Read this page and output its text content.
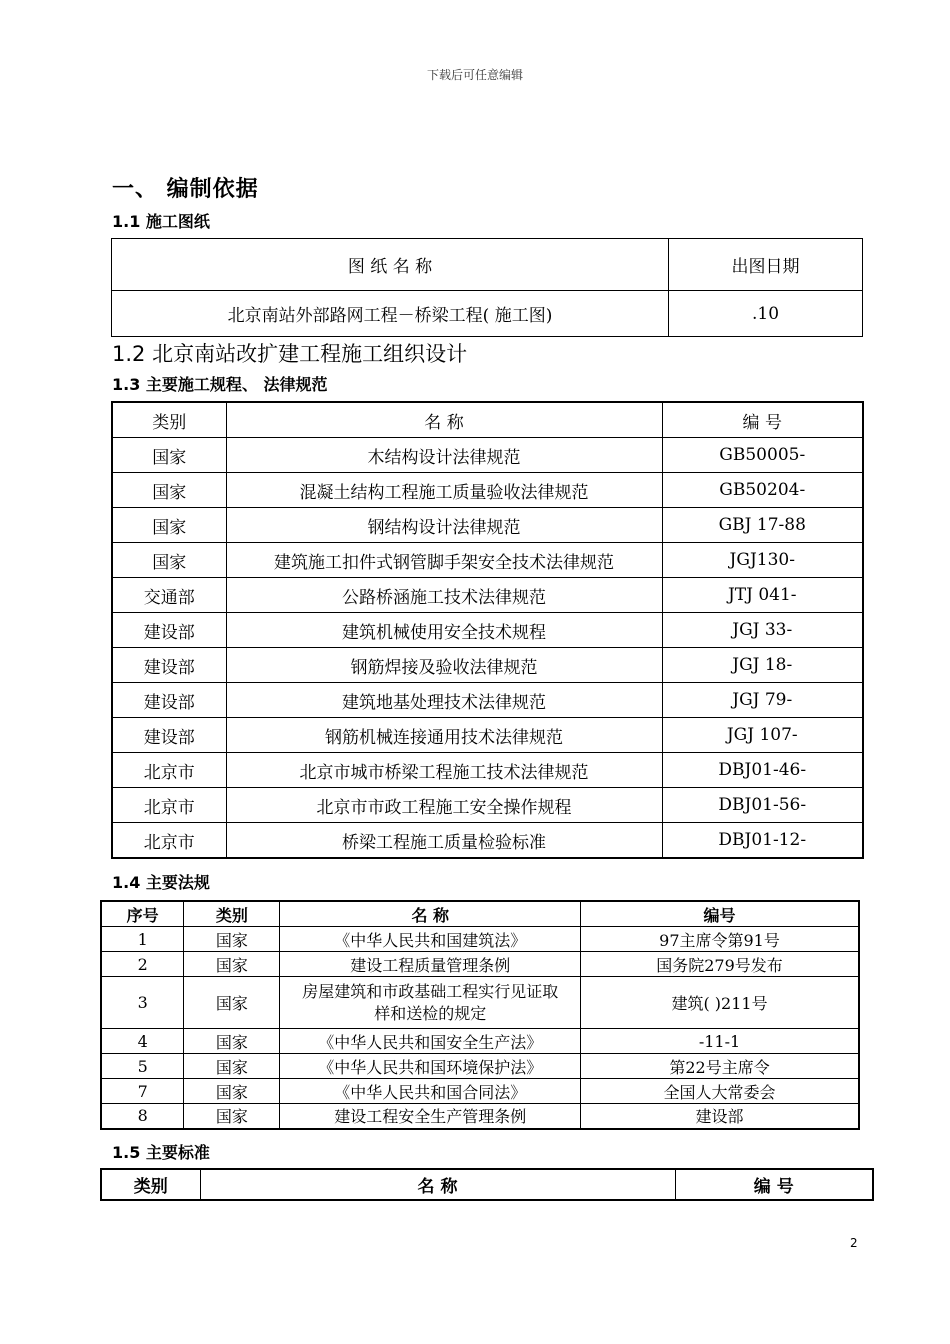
下载后可任意编辑
一、 编制依据
1.1 施工图纸
图 纸 名 称	出图日期
北京南站外部路网工程－桥梁工程( 施工图)	.10
1.2 北京南站改扩建工程施工组织设计
1.3 主要施工规程、 法律规范
类别	名 称	编 号
国家	木结构设计法律规范	GB50005-
国家	混凝土结构工程施工质量验收法律规范	GB50204-
国家	钢结构设计法律规范	GBJ 17-88
国家	建筑施工扣件式钢管脚手架安全技术法律规范	JGJ130-
交通部	公路桥涵施工技术法律规范	JTJ 041-
建设部	建筑机械使用安全技术规程	JGJ 33-
建设部	钢筋焊接及验收法律规范	JGJ 18-
建设部	建筑地基处理技术法律规范	JGJ 79-
建设部	钢筋机械连接通用技术法律规范	JGJ 107-
北京市	北京市城市桥梁工程施工技术法律规范	DBJ01-46-
北京市	北京市市政工程施工安全操作规程	DBJ01-56-
北京市	桥梁工程施工质量检验标准	DBJ01-12-
1.4 主要法规
序号	类别	名 称	编号
1	国家	《中华人民共和国建筑法》	97主席令第91号
2	国家	建设工程质量管理条例	国务院279号发布
3	国家	房屋建筑和市政基础工程实行见证取样和送检的规定	建筑( )211号
4	国家	《中华人民共和国安全生产法》	-11-1
5	国家	《中华人民共和国环境保护法》	第22号主席令
7	国家	《中华人民共和国合同法》	全国人大常委会
8	国家	建设工程安全生产管理条例	建设部
1.5 主要标准
类别	名 称	编 号
2
